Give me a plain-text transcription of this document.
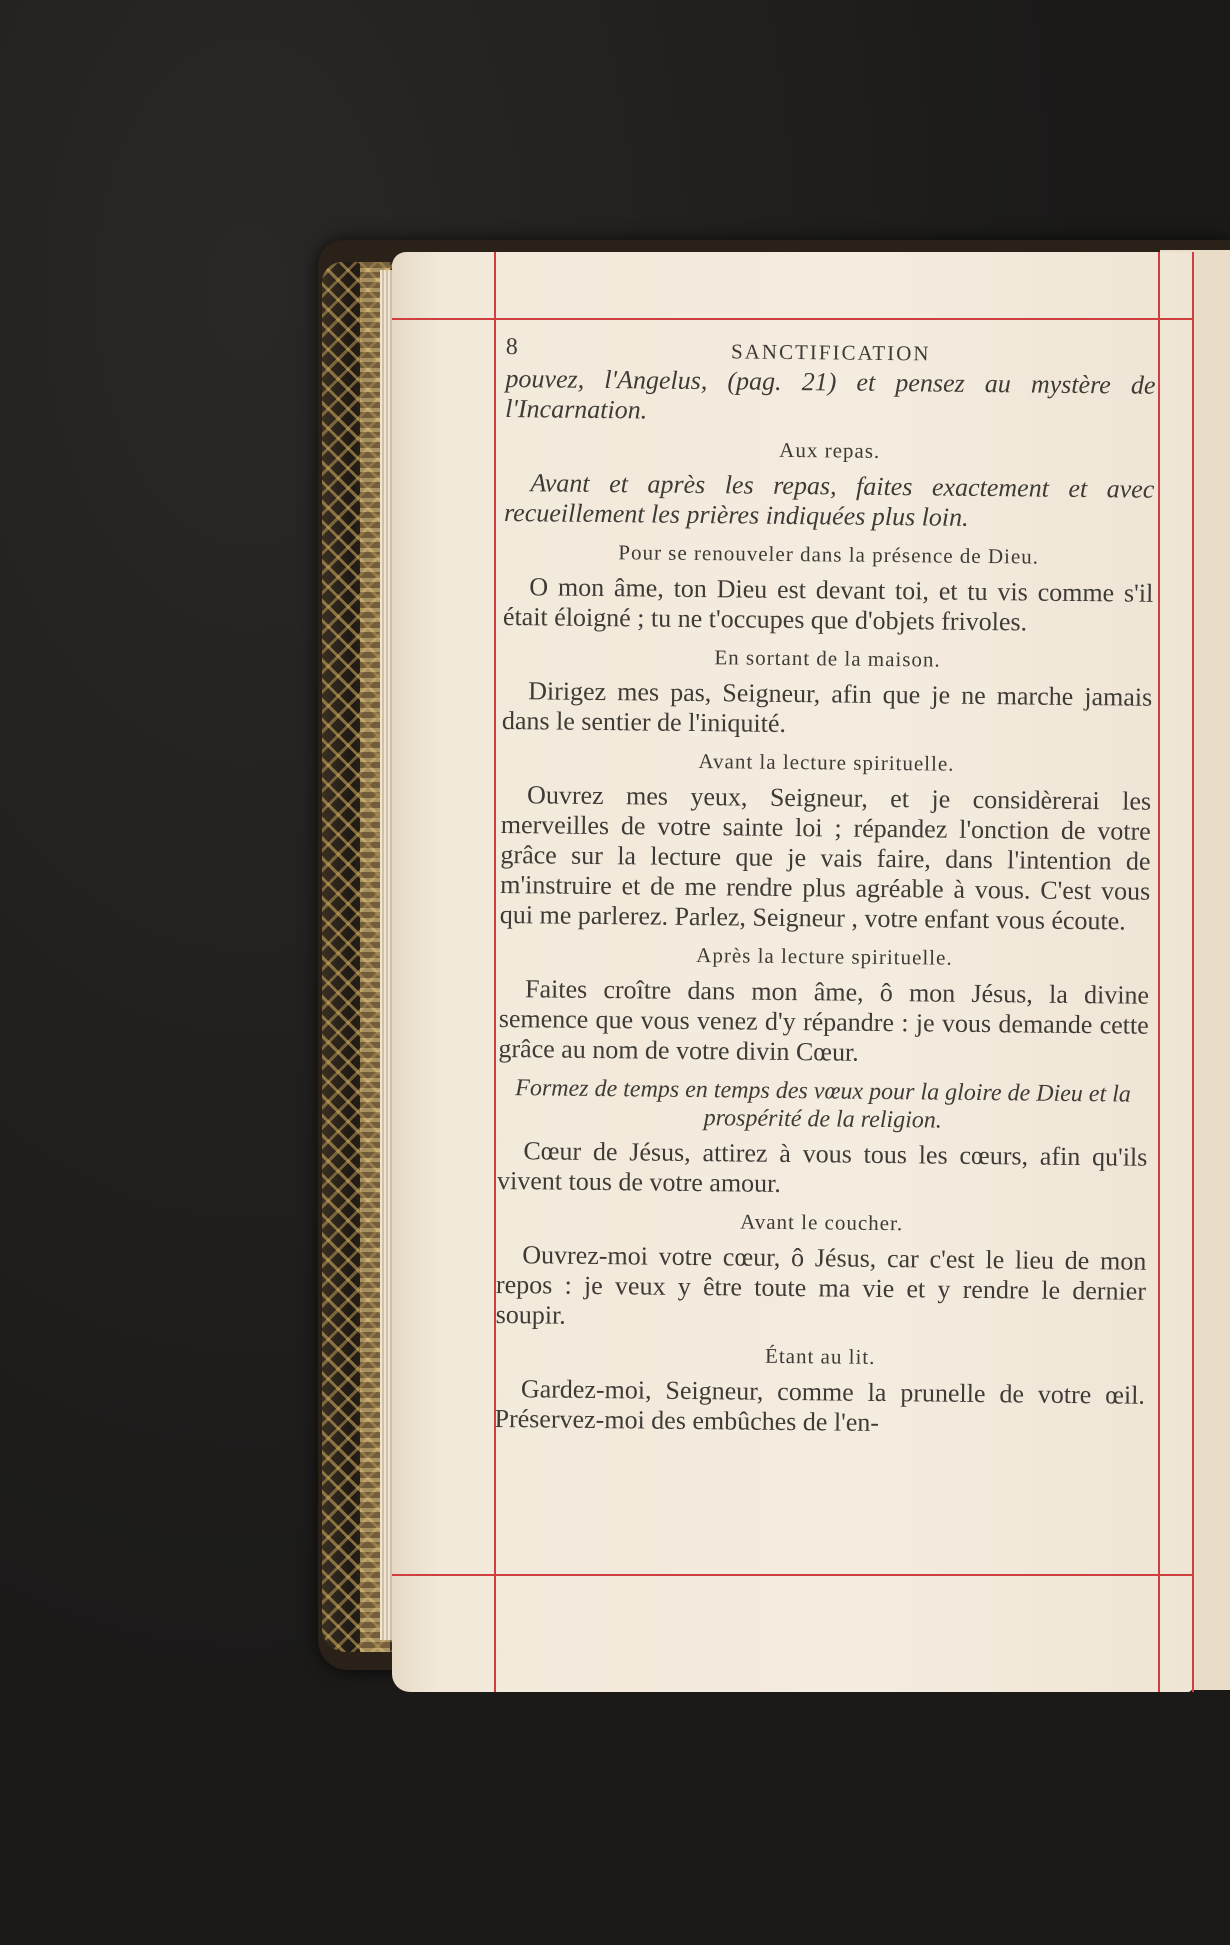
8	SANCTIFICATION

pouvez, l'Angelus, (pag. 21) et pensez au mystère de l'Incarnation.

Aux repas.

Avant et après les repas, faites exactement et avec recueillement les prières indiquées plus loin.

Pour se renouveler dans la présence de Dieu.

O mon âme, ton Dieu est devant toi, et tu vis comme s'il était éloigné ; tu ne t'occupes que d'objets frivoles.

En sortant de la maison.

Dirigez mes pas, Seigneur, afin que je ne marche jamais dans le sentier de l'iniquité.

Avant la lecture spirituelle.

Ouvrez mes yeux, Seigneur, et je considèrerai les merveilles de votre sainte loi ; répandez l'onction de votre grâce sur la lecture que je vais faire, dans l'intention de m'instruire et de me rendre plus agréable à vous. C'est vous qui me parlerez. Parlez, Seigneur , votre enfant vous écoute.

Après la lecture spirituelle.

Faites croître dans mon âme, ô mon Jésus, la divine semence que vous venez d'y répandre : je vous demande cette grâce au nom de votre divin Cœur.

Formez de temps en temps des vœux pour la gloire de Dieu et la prospérité de la religion.

Cœur de Jésus, attirez à vous tous les cœurs, afin qu'ils vivent tous de votre amour.

Avant le coucher.

Ouvrez-moi votre cœur, ô Jésus, car c'est le lieu de mon repos : je veux y être toute ma vie et y rendre le dernier soupir.

Étant au lit.

Gardez-moi, Seigneur, comme la prunelle de votre œil. Préservez-moi des embûches de l'en-
